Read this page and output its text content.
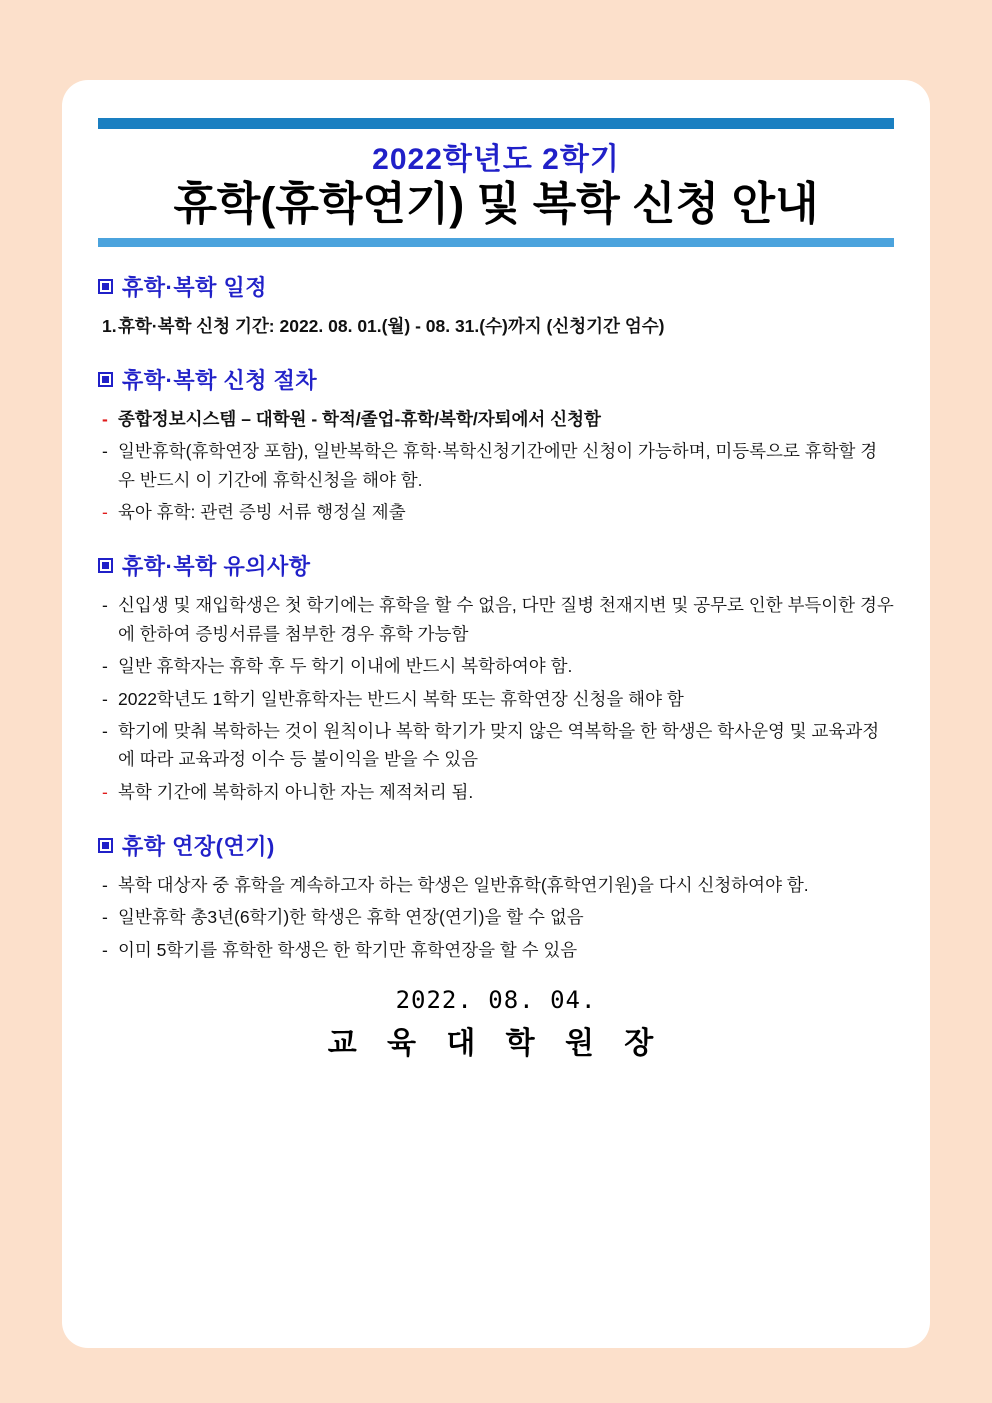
2022학년도 2학기
휴학(휴학연기) 및 복학 신청 안내
휴학·복학 일정
1. 휴학·복학 신청 기간: 2022. 08. 01.(월) - 08. 31.(수)까지 (신청기간 엄수)
휴학·복학 신청 절차
- 종합정보시스템 – 대학원 - 학적/졸업-휴학/복학/자퇴에서 신청함
- 일반휴학(휴학연장 포함), 일반복학은 휴학·복학신청기간에만 신청이 가능하며, 미등록으로 휴학할 경우 반드시 이 기간에 휴학신청을 해야 함.
- 육아 휴학: 관련 증빙 서류 행정실 제출
휴학·복학 유의사항
- 신입생 및 재입학생은 첫 학기에는 휴학을 할 수 없음, 다만 질병 천재지변 및 공무로 인한 부득이한 경우에 한하여 증빙서류를 첨부한 경우 휴학 가능함
- 일반 휴학자는 휴학 후 두 학기 이내에 반드시 복학하여야 함.
- 2022학년도 1학기 일반휴학자는 반드시 복학 또는 휴학연장 신청을 해야 함
- 학기에 맞춰 복학하는 것이 원칙이나 복학 학기가 맞지 않은 역복학을 한 학생은 학사운영 및 교육과정에 따라 교육과정 이수 등 불이익을 받을 수 있음
- 복학 기간에 복학하지 아니한 자는 제적처리 됨.
휴학 연장(연기)
- 복학 대상자 중 휴학을 계속하고자 하는 학생은 일반휴학(휴학연기원)을 다시 신청하여야 함.
- 일반휴학 총3년(6학기)한 학생은 휴학 연장(연기)을 할 수 없음
- 이미 5학기를 휴학한 학생은 한 학기만 휴학연장을 할 수 있음
2022. 08. 04.
교 육 대 학 원 장
